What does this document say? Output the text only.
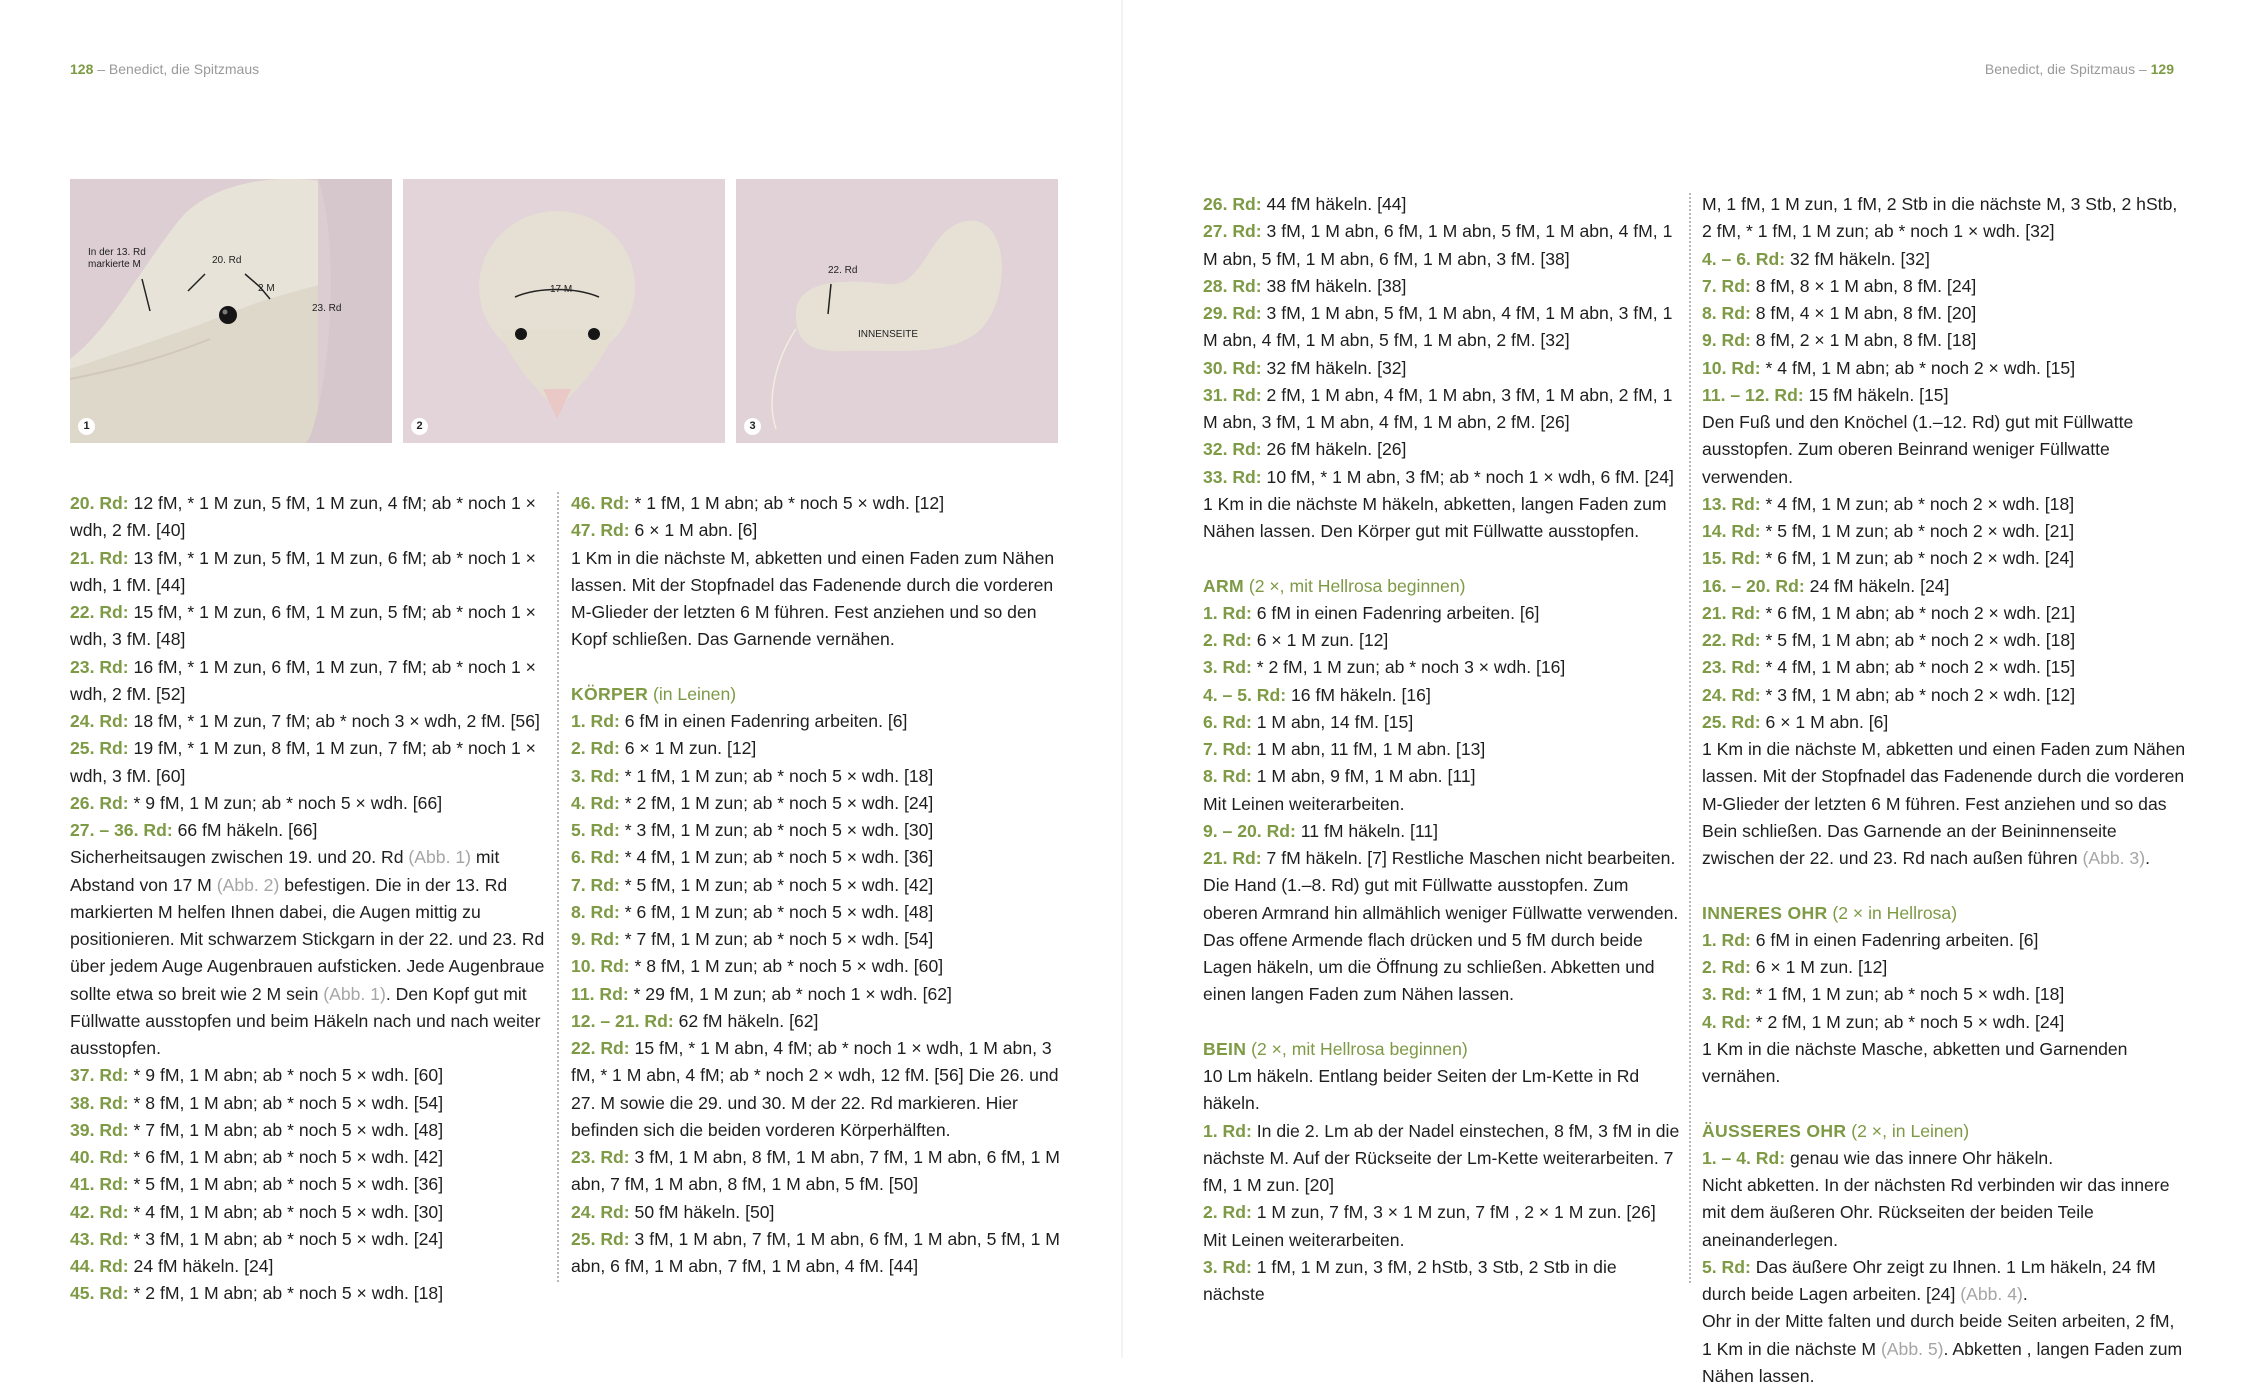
128 – Benedict, die Spitzmaus	Benedict, die Spitzmaus – 129
In der 13. Rd
markierte M	20. Rd
2 M
23. Rd
1
17 M
2
22. Rd
INNENSEITE
3

20. Rd: 12 fM, * 1 M zun, 5 fM, 1 M zun, 4 fM; ab * noch 1 × wdh, 2 fM. [40]

21. Rd: 13 fM, * 1 M zun, 5 fM, 1 M zun, 6 fM; ab * noch 1 × wdh, 1 fM. [44]

22. Rd: 15 fM, * 1 M zun, 6 fM, 1 M zun, 5 fM; ab * noch 1 × wdh, 3 fM. [48]

23. Rd: 16 fM, * 1 M zun, 6 fM, 1 M zun, 7 fM; ab * noch 1 × wdh, 2 fM. [52]

24. Rd: 18 fM, * 1 M zun, 7 fM; ab * noch 3 × wdh, 2 fM. [56]

25. Rd: 19 fM, * 1 M zun, 8 fM, 1 M zun, 7 fM; ab * noch 1 × wdh, 3 fM. [60]

26. Rd: * 9 fM, 1 M zun; ab * noch 5 × wdh. [66]

27. – 36. Rd: 66 fM häkeln. [66]

Sicherheitsaugen zwischen 19. und 20. Rd (Abb. 1) mit Abstand von 17 M (Abb. 2) befestigen. Die in der 13. Rd markierten M helfen Ihnen dabei, die Augen mittig zu positionieren. Mit schwarzem Stickgarn in der 22. und 23. Rd über jedem Auge Augenbrauen aufsticken. Jede Augenbraue sollte etwa so breit wie 2 M sein (Abb. 1). Den Kopf gut mit Füllwatte ausstopfen und beim Häkeln nach und nach weiter ausstopfen.

37. Rd: * 9 fM, 1 M abn; ab * noch 5 × wdh. [60]

38. Rd: * 8 fM, 1 M abn; ab * noch 5 × wdh. [54]

39. Rd: * 7 fM, 1 M abn; ab * noch 5 × wdh. [48]

40. Rd: * 6 fM, 1 M abn; ab * noch 5 × wdh. [42]

41. Rd: * 5 fM, 1 M abn; ab * noch 5 × wdh. [36]

42. Rd: * 4 fM, 1 M abn; ab * noch 5 × wdh. [30]

43. Rd: * 3 fM, 1 M abn; ab * noch 5 × wdh. [24]

44. Rd: 24 fM häkeln. [24]

45. Rd: * 2 fM, 1 M abn; ab * noch 5 × wdh. [18]

46. Rd: * 1 fM, 1 M abn; ab * noch 5 × wdh. [12]

47. Rd: 6 × 1 M abn. [6]

1 Km in die nächste M, abketten und einen Faden zum Nähen lassen. Mit der Stopfnadel das Fadenende durch die vorderen M-Glieder der letzten 6 M führen. Fest anziehen und so den Kopf schließen. Das Garnende vernähen.

KÖRPER (in Leinen)

1. Rd: 6 fM in einen Fadenring arbeiten. [6]

2. Rd: 6 × 1 M zun. [12]

3. Rd: * 1 fM, 1 M zun; ab * noch 5 × wdh. [18]

4. Rd: * 2 fM, 1 M zun; ab * noch 5 × wdh. [24]

5. Rd: * 3 fM, 1 M zun; ab * noch 5 × wdh. [30]

6. Rd: * 4 fM, 1 M zun; ab * noch 5 × wdh. [36]

7. Rd: * 5 fM, 1 M zun; ab * noch 5 × wdh. [42]

8. Rd: * 6 fM, 1 M zun; ab * noch 5 × wdh. [48]

9. Rd: * 7 fM, 1 M zun; ab * noch 5 × wdh. [54]

10. Rd: * 8 fM, 1 M zun; ab * noch 5 × wdh. [60]

11. Rd: * 29 fM, 1 M zun; ab * noch 1 × wdh. [62]

12. – 21. Rd: 62 fM häkeln. [62]

22. Rd: 15 fM, * 1 M abn, 4 fM; ab * noch 1 × wdh, 1 M abn, 3 fM, * 1 M abn, 4 fM; ab * noch 2 × wdh, 12 fM. [56] Die 26. und 27. M sowie die 29. und 30. M der 22. Rd markieren. Hier befinden sich die beiden vorderen Körperhälften.

23. Rd: 3 fM, 1 M abn, 8 fM, 1 M abn, 7 fM, 1 M abn, 6 fM, 1 M abn, 7 fM, 1 M abn, 8 fM, 1 M abn, 5 fM. [50]

24. Rd: 50 fM häkeln. [50]

25. Rd: 3 fM, 1 M abn, 7 fM, 1 M abn, 6 fM, 1 M abn, 5 fM, 1 M abn, 6 fM, 1 M abn, 7 fM, 1 M abn, 4 fM. [44]

26. Rd: 44 fM häkeln. [44]

27. Rd: 3 fM, 1 M abn, 6 fM, 1 M abn, 5 fM, 1 M abn, 4 fM, 1 M abn, 5 fM, 1 M abn, 6 fM, 1 M abn, 3 fM. [38]

28. Rd: 38 fM häkeln. [38]

29. Rd: 3 fM, 1 M abn, 5 fM, 1 M abn, 4 fM, 1 M abn, 3 fM, 1 M abn, 4 fM, 1 M abn, 5 fM, 1 M abn, 2 fM. [32]

30. Rd: 32 fM häkeln. [32]

31. Rd: 2 fM, 1 M abn, 4 fM, 1 M abn, 3 fM, 1 M abn, 2 fM, 1 M abn, 3 fM, 1 M abn, 4 fM, 1 M abn, 2 fM. [26]

32. Rd: 26 fM häkeln. [26]

33. Rd: 10 fM, * 1 M abn, 3 fM; ab * noch 1 × wdh, 6 fM. [24]

1 Km in die nächste M häkeln, abketten, langen Faden zum Nähen lassen. Den Körper gut mit Füllwatte ausstopfen.

ARM (2 ×, mit Hellrosa beginnen)

1. Rd: 6 fM in einen Fadenring arbeiten. [6]

2. Rd: 6 × 1 M zun. [12]

3. Rd: * 2 fM, 1 M zun; ab * noch 3 × wdh. [16]

4. – 5. Rd: 16 fM häkeln. [16]

6. Rd: 1 M abn, 14 fM. [15]

7. Rd: 1 M abn, 11 fM, 1 M abn. [13]

8. Rd: 1 M abn, 9 fM, 1 M abn. [11]

Mit Leinen weiterarbeiten.

9. – 20. Rd: 11 fM häkeln. [11]

21. Rd: 7 fM häkeln. [7] Restliche Maschen nicht bearbeiten. Die Hand (1.–8. Rd) gut mit Füllwatte ausstopfen. Zum oberen Armrand hin allmählich weniger Füllwatte verwenden. Das offene Armende flach drücken und 5 fM durch beide Lagen häkeln, um die Öffnung zu schließen. Abketten und einen langen Faden zum Nähen lassen.

BEIN (2 ×, mit Hellrosa beginnen)

10 Lm häkeln. Entlang beider Seiten der Lm-Kette in Rd häkeln.

1. Rd: In die 2. Lm ab der Nadel einstechen, 8 fM, 3 fM in die nächste M. Auf der Rückseite der Lm-Kette weiterarbeiten. 7 fM, 1 M zun. [20]

2. Rd: 1 M zun, 7 fM, 3 × 1 M zun, 7 fM , 2 × 1 M zun. [26]

Mit Leinen weiterarbeiten.

3. Rd: 1 fM, 1 M zun, 3 fM, 2 hStb, 3 Stb, 2 Stb in die nächste

M, 1 fM, 1 M zun, 1 fM, 2 Stb in die nächste M, 3 Stb, 2 hStb, 2 fM, * 1 fM, 1 M zun; ab * noch 1 × wdh. [32]

4. – 6. Rd: 32 fM häkeln. [32]

7. Rd: 8 fM, 8 × 1 M abn, 8 fM. [24]

8. Rd: 8 fM, 4 × 1 M abn, 8 fM. [20]

9. Rd: 8 fM, 2 × 1 M abn, 8 fM. [18]

10. Rd: * 4 fM, 1 M abn; ab * noch 2 × wdh. [15]

11. – 12. Rd: 15 fM häkeln. [15]

Den Fuß und den Knöchel (1.–12. Rd) gut mit Füllwatte ausstopfen. Zum oberen Beinrand weniger Füllwatte verwenden.

13. Rd: * 4 fM, 1 M zun; ab * noch 2 × wdh. [18]

14. Rd: * 5 fM, 1 M zun; ab * noch 2 × wdh. [21]

15. Rd: * 6 fM, 1 M zun; ab * noch 2 × wdh. [24]

16. – 20. Rd: 24 fM häkeln. [24]

21. Rd: * 6 fM, 1 M abn; ab * noch 2 × wdh. [21]

22. Rd: * 5 fM, 1 M abn; ab * noch 2 × wdh. [18]

23. Rd: * 4 fM, 1 M abn; ab * noch 2 × wdh. [15]

24. Rd: * 3 fM, 1 M abn; ab * noch 2 × wdh. [12]

25. Rd: 6 × 1 M abn. [6]

1 Km in die nächste M, abketten und einen Faden zum Nähen lassen. Mit der Stopfnadel das Fadenende durch die vorderen M-Glieder der letzten 6 M führen. Fest anziehen und so das Bein schließen. Das Garnende an der Beininnenseite zwischen der 22. und 23. Rd nach außen führen (Abb. 3).

INNERES OHR (2 × in Hellrosa)

1. Rd: 6 fM in einen Fadenring arbeiten. [6]

2. Rd: 6 × 1 M zun. [12]

3. Rd: * 1 fM, 1 M zun; ab * noch 5 × wdh. [18]

4. Rd: * 2 fM, 1 M zun; ab * noch 5 × wdh. [24]

1 Km in die nächste Masche, abketten und Garnenden vernähen.

ÄUSSERES OHR (2 ×, in Leinen)

1. – 4. Rd: genau wie das innere Ohr häkeln.

Nicht abketten. In der nächsten Rd verbinden wir das innere mit dem äußeren Ohr. Rückseiten der beiden Teile aneinanderlegen.

5. Rd: Das äußere Ohr zeigt zu Ihnen. 1 Lm häkeln, 24 fM durch beide Lagen arbeiten. [24] (Abb. 4).

Ohr in der Mitte falten und durch beide Seiten arbeiten, 2 fM, 1 Km in die nächste M (Abb. 5). Abketten , langen Faden zum Nähen lassen.
